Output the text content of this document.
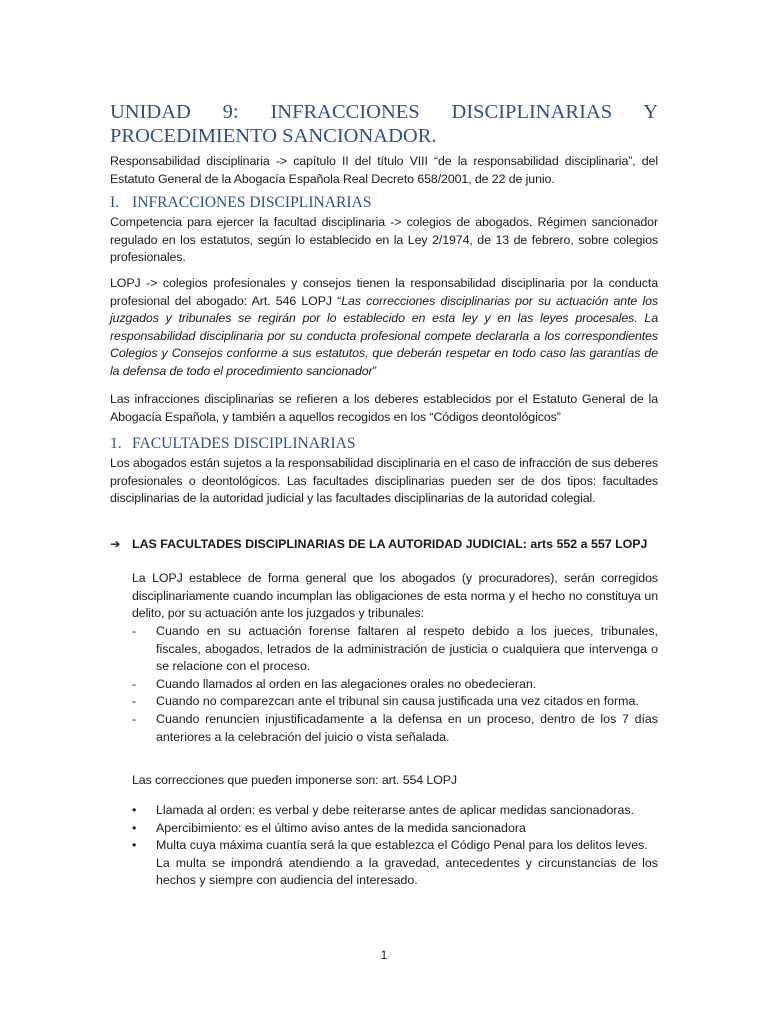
UNIDAD 9: INFRACCIONES DISCIPLINARIAS Y PROCEDIMIENTO SANCIONADOR.

Responsabilidad disciplinaria -> capítulo II del título VIII “de la responsabilidad disciplinaria”, del Estatuto General de la Abogacía Española Real Decreto 658/2001, de 22 de junio.

I. INFRACCIONES DISCIPLINARIAS

Competencia para ejercer la facultad disciplinaria -> colegios de abogados. Régimen sancionador regulado en los estatutos, según lo establecido en la Ley 2/1974, de 13 de febrero, sobre colegios profesionales.

LOPJ -> colegios profesionales y consejos tienen la responsabilidad disciplinaria por la conducta profesional del abogado: Art. 546 LOPJ “Las correcciones disciplinarias por su actuación ante los juzgados y tribunales se regirán por lo establecido en esta ley y en las leyes procesales. La responsabilidad disciplinaria por su conducta profesional compete declararla a los correspondientes Colegios y Consejos conforme a sus estatutos, que deberán respetar en todo caso las garantías de la defensa de todo el procedimiento sancionador”

Las infracciones disciplinarias se refieren a los deberes establecidos por el Estatuto General de la Abogacía Española, y también a aquellos recogidos en los “Códigos deontológicos”

1. FACULTADES DISCIPLINARIAS

Los abogados están sujetos a la responsabilidad disciplinaria en el caso de infracción de sus deberes profesionales o deontológicos. Las facultades disciplinarias pueden ser de dos tipos: facultades disciplinarias de la autoridad judicial y las facultades disciplinarias de la autoridad colegial.

➔ LAS FACULTADES DISCIPLINARIAS DE LA AUTORIDAD JUDICIAL: arts 552 a 557 LOPJ

La LOPJ establece de forma general que los abogados (y procuradores), serán corregidos disciplinariamente cuando incumplan las obligaciones de esta norma y el hecho no constituya un delito, por su actuación ante los juzgados y tribunales:

- Cuando en su actuación forense faltaren al respeto debido a los jueces, tribunales, fiscales, abogados, letrados de la administración de justicia o cualquiera que intervenga o se relacione con el proceso.
- Cuando llamados al orden en las alegaciones orales no obedecieran.
- Cuando no comparezcan ante el tribunal sin causa justificada una vez citados en forma.
- Cuando renuncien injustificadamente a la defensa en un proceso, dentro de los 7 días anteriores a la celebración del juicio o vista señalada.

Las correcciones que pueden imponerse son: art. 554 LOPJ

• Llamada al orden: es verbal y debe reiterarse antes de aplicar medidas sancionadoras.
• Apercibimiento: es el último aviso antes de la medida sancionadora
• Multa cuya máxima cuantía será la que establezca el Código Penal para los delitos leves.
La multa se impondrá atendiendo a la gravedad, antecedentes y circunstancias de los hechos y siempre con audiencia del interesado.
1
